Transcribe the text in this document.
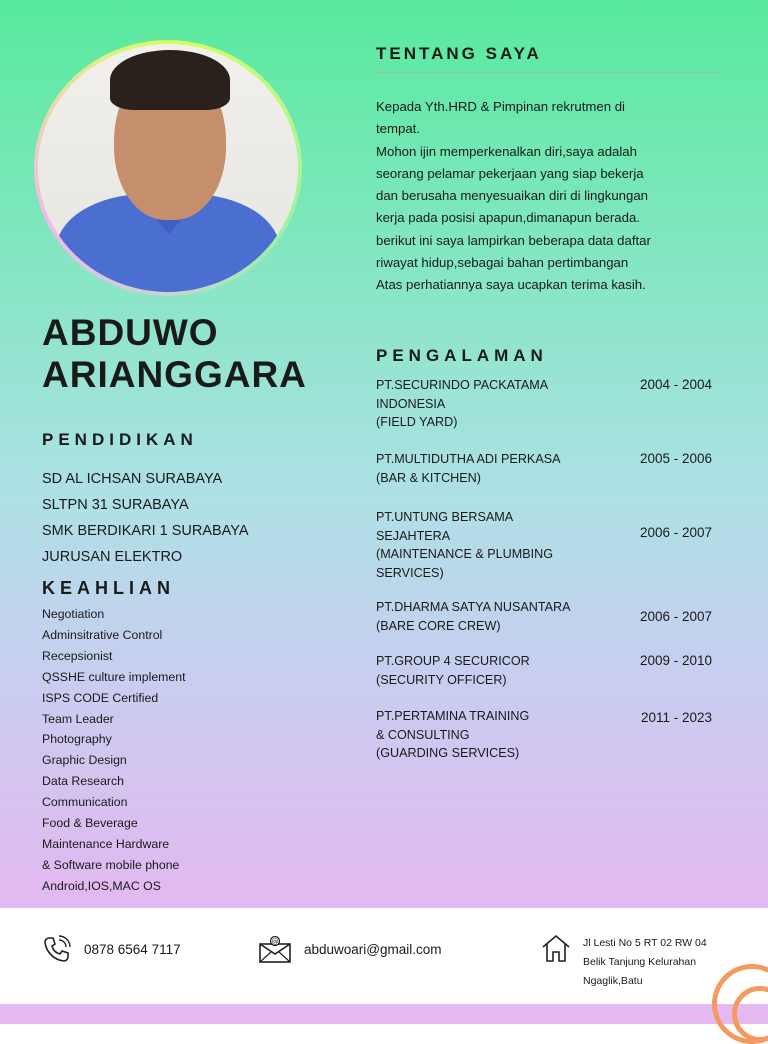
ABDUWO
ARIANGGARA
PENDIDIKAN
SD AL ICHSAN SURABAYA
SLTPN 31 SURABAYA
SMK BERDIKARI 1 SURABAYA
JURUSAN ELEKTRO
KEAHLIAN
Negotiation
Adminsitrative Control
Recepsionist
QSSHE culture implement
ISPS CODE Certified
Team Leader
Photography
Graphic Design
Data Research
Communication
Food & Beverage
Maintenance Hardware
& Software mobile phone
Android,IOS,MAC OS
TENTANG SAYA
Kepada Yth.HRD & Pimpinan rekrutmen di
tempat.
Mohon ijin memperkenalkan diri,saya adalah
seorang pelamar pekerjaan yang siap bekerja
dan berusaha menyesuaikan diri di lingkungan
kerja pada posisi apapun,dimanapun berada.
berikut ini saya lampirkan beberapa data daftar
riwayat hidup,sebagai bahan pertimbangan
Atas perhatiannya saya ucapkan terima kasih.
PENGALAMAN
PT.SECURINDO PACKATAMA
INDONESIA
(FIELD YARD)
2004 - 2004
PT.MULTIDUTHA ADI PERKASA
(BAR & KITCHEN)
2005 - 2006
PT.UNTUNG BERSAMA
SEJAHTERA
(MAINTENANCE & PLUMBING
SERVICES)
2006 - 2007
PT.DHARMA SATYA NUSANTARA
(BARE CORE CREW)
2006 - 2007
PT.GROUP 4 SECURICOR
(SECURITY OFFICER)
2009 - 2010
PT.PERTAMINA TRAINING
& CONSULTING
(GUARDING SERVICES)
2011 - 2023
0878 6564 7117	@ abduwoari@gmail.com	Jl Lesti No 5 RT 02 RW 04
Belik Tanjung Kelurahan
Ngaglik,Batu
